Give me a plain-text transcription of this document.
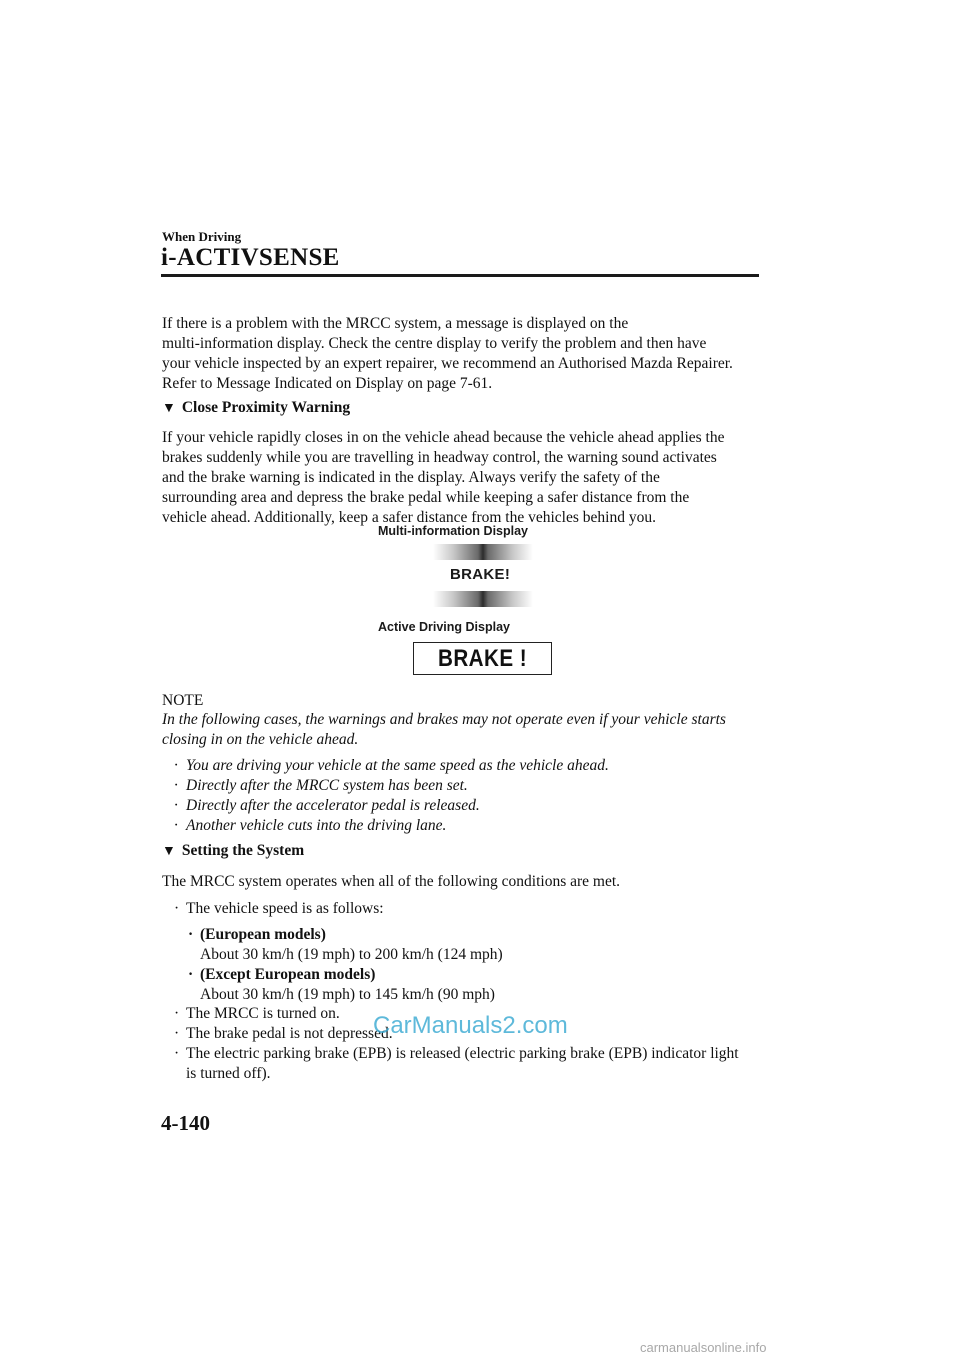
When Driving
i-ACTIVSENSE
If there is a problem with the MRCC system, a message is displayed on the
multi-information display. Check the centre display to verify the problem and then have
your vehicle inspected by an expert repairer, we recommend an Authorised Mazda Repairer.
Refer to Message Indicated on Display on page 7-61.
▼ Close Proximity Warning
If your vehicle rapidly closes in on the vehicle ahead because the vehicle ahead applies the
brakes suddenly while you are travelling in headway control, the warning sound activates
and the brake warning is indicated in the display. Always verify the safety of the
surrounding area and depress the brake pedal while keeping a safer distance from the
vehicle ahead. Additionally, keep a safer distance from the vehicles behind you.
Multi-information Display
BRAKE!
Active Driving Display
BRAKE !
NOTE
In the following cases, the warnings and brakes may not operate even if your vehicle starts
closing in on the vehicle ahead.
· You are driving your vehicle at the same speed as the vehicle ahead.
· Directly after the MRCC system has been set.
· Directly after the accelerator pedal is released.
· Another vehicle cuts into the driving lane.
▼ Setting the System
The MRCC system operates when all of the following conditions are met.
· The vehicle speed is as follows:
· (European models)
About 30 km/h (19 mph) to 200 km/h (124 mph)
· (Except European models)
About 30 km/h (19 mph) to 145 km/h (90 mph)
· The MRCC is turned on.
· The brake pedal is not depressed.
· The electric parking brake (EPB) is released (electric parking brake (EPB) indicator light
is turned off).
CarManuals2.com
4-140
carmanualsonline.info
